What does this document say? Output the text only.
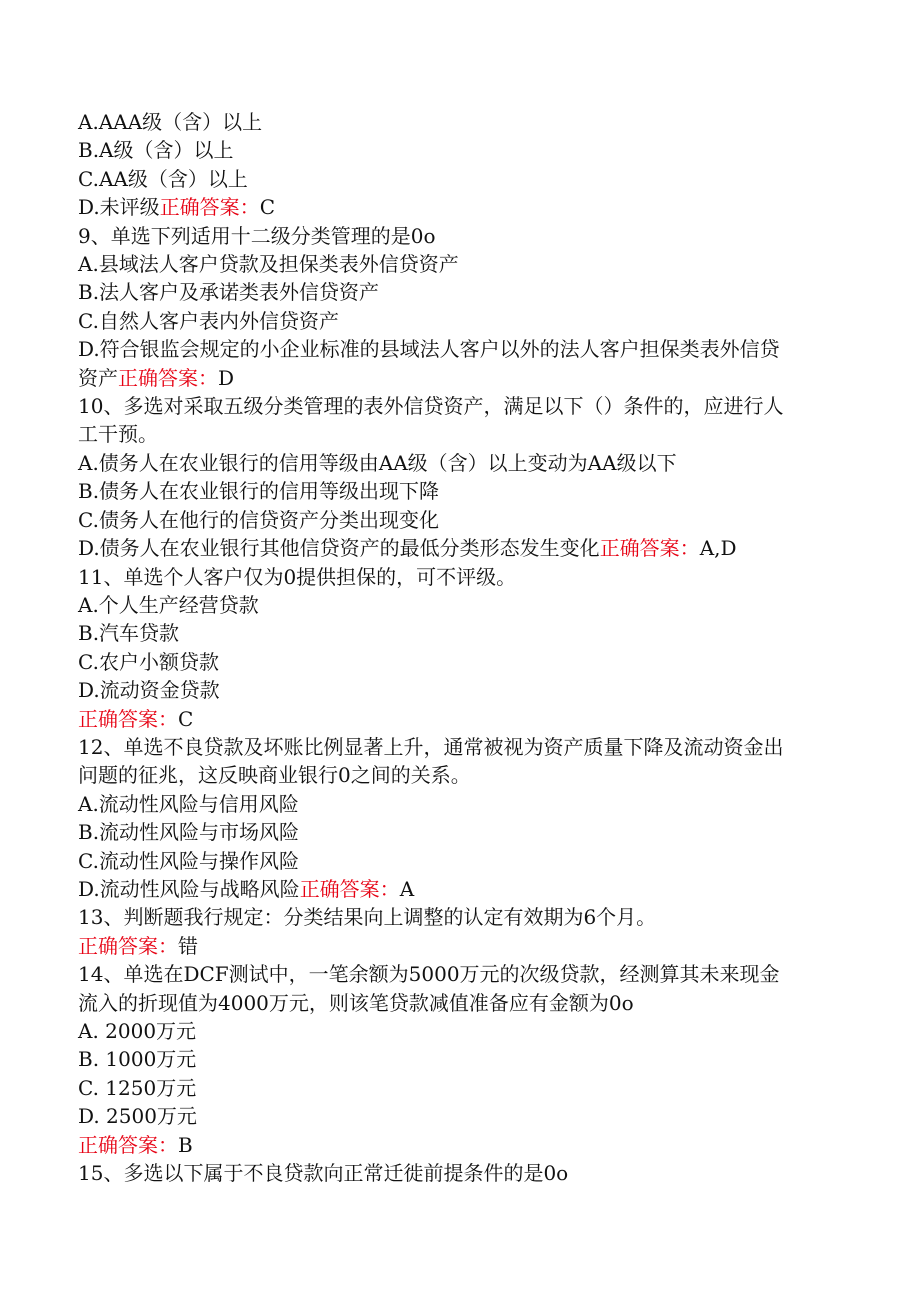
A.AAA级（含）以上
B.A级（含）以上
C.AA级（含）以上
D.未评级正确答案：C
9、单选下列适用十二级分类管理的是0o
A.县域法人客户贷款及担保类表外信贷资产
B.法人客户及承诺类表外信贷资产
C.自然人客户表内外信贷资产
D.符合银监会规定的小企业标准的县域法人客户以外的法人客户担保类表外信贷
资产正确答案：D
10、多选对采取五级分类管理的表外信贷资产，满足以下（）条件的，应进行人
工干预。
A.债务人在农业银行的信用等级由AA级（含）以上变动为AA级以下
B.债务人在农业银行的信用等级出现下降
C.债务人在他行的信贷资产分类出现变化
D.债务人在农业银行其他信贷资产的最低分类形态发生变化正确答案：A,D
11、单选个人客户仅为0提供担保的，可不评级。
A.个人生产经营贷款
B.汽车贷款
C.农户小额贷款
D.流动资金贷款
正确答案：C
12、单选不良贷款及坏账比例显著上升，通常被视为资产质量下降及流动资金出
问题的征兆，这反映商业银行0之间的关系。
A.流动性风险与信用风险
B.流动性风险与市场风险
C.流动性风险与操作风险
D.流动性风险与战略风险正确答案：A
13、判断题我行规定：分类结果向上调整的认定有效期为6个月。
正确答案：错
14、单选在DCF测试中，一笔余额为5000万元的次级贷款，经测算其未来现金
流入的折现值为4000万元，则该笔贷款减值准备应有金额为0o
A. 2000万元
B. 1000万元
C. 1250万元
D. 2500万元
正确答案：B
15、多选以下属于不良贷款向正常迁徙前提条件的是0o
